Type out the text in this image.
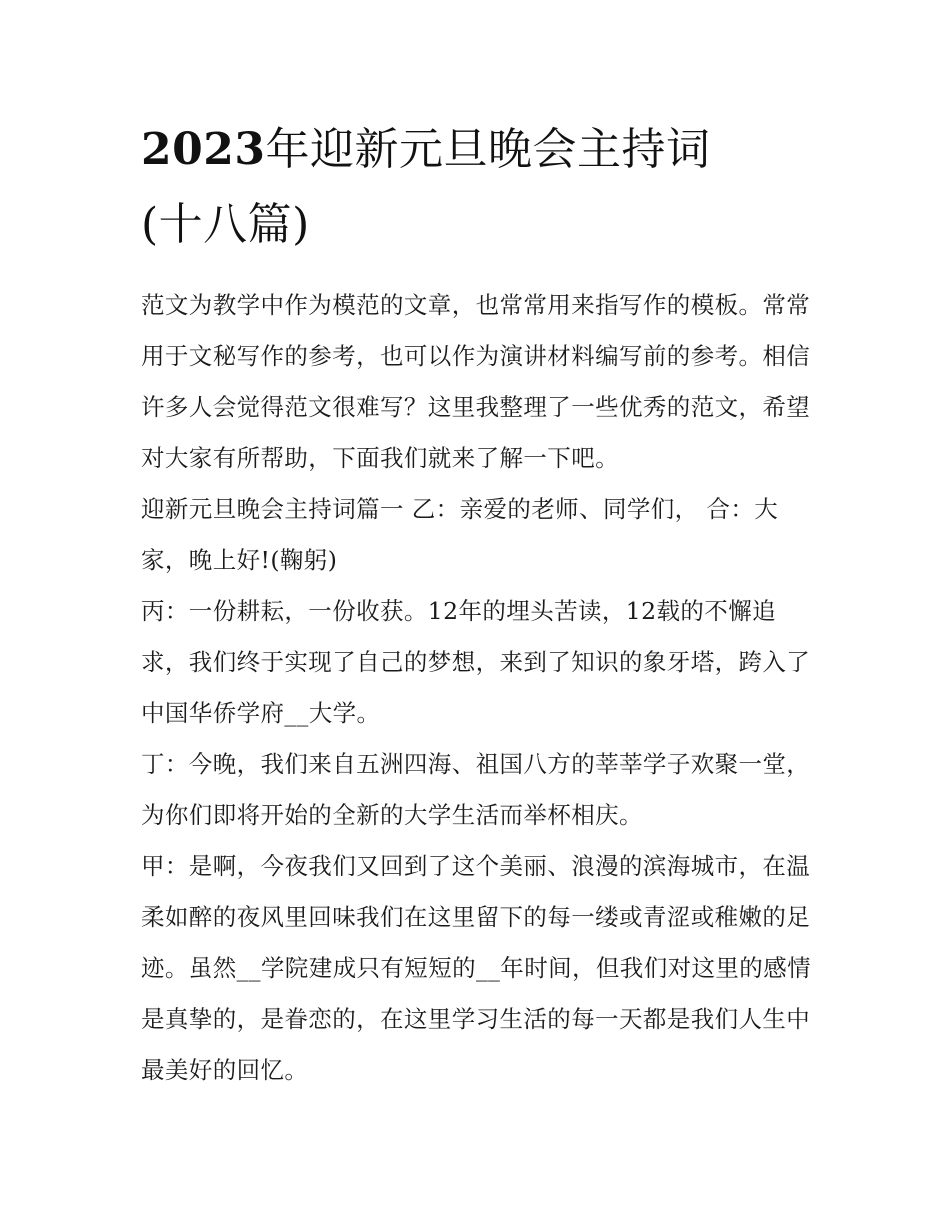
2023年迎新元旦晚会主持词
(十八篇)

范文为教学中作为模范的文章，也常常用来指写作的模板。常常用于文秘写作的参考，也可以作为演讲材料编写前的参考。相信许多人会觉得范文很难写？这里我整理了一些优秀的范文，希望对大家有所帮助，下面我们就来了解一下吧。

迎新元旦晚会主持词篇一 乙：亲爱的老师、同学们， 合：大家，晚上好!(鞠躬)

丙：一份耕耘，一份收获。12年的埋头苦读，12载的不懈追求，我们终于实现了自己的梦想，来到了知识的象牙塔，跨入了中国华侨学府__大学。

丁：今晚，我们来自五洲四海、祖国八方的莘莘学子欢聚一堂，为你们即将开始的全新的大学生活而举杯相庆。

甲：是啊，今夜我们又回到了这个美丽、浪漫的滨海城市，在温柔如醉的夜风里回味我们在这里留下的每一缕或青涩或稚嫩的足迹。虽然__学院建成只有短短的__年时间，但我们对这里的感情是真挚的，是眷恋的，在这里学习生活的每一天都是我们人生中最美好的回忆。
